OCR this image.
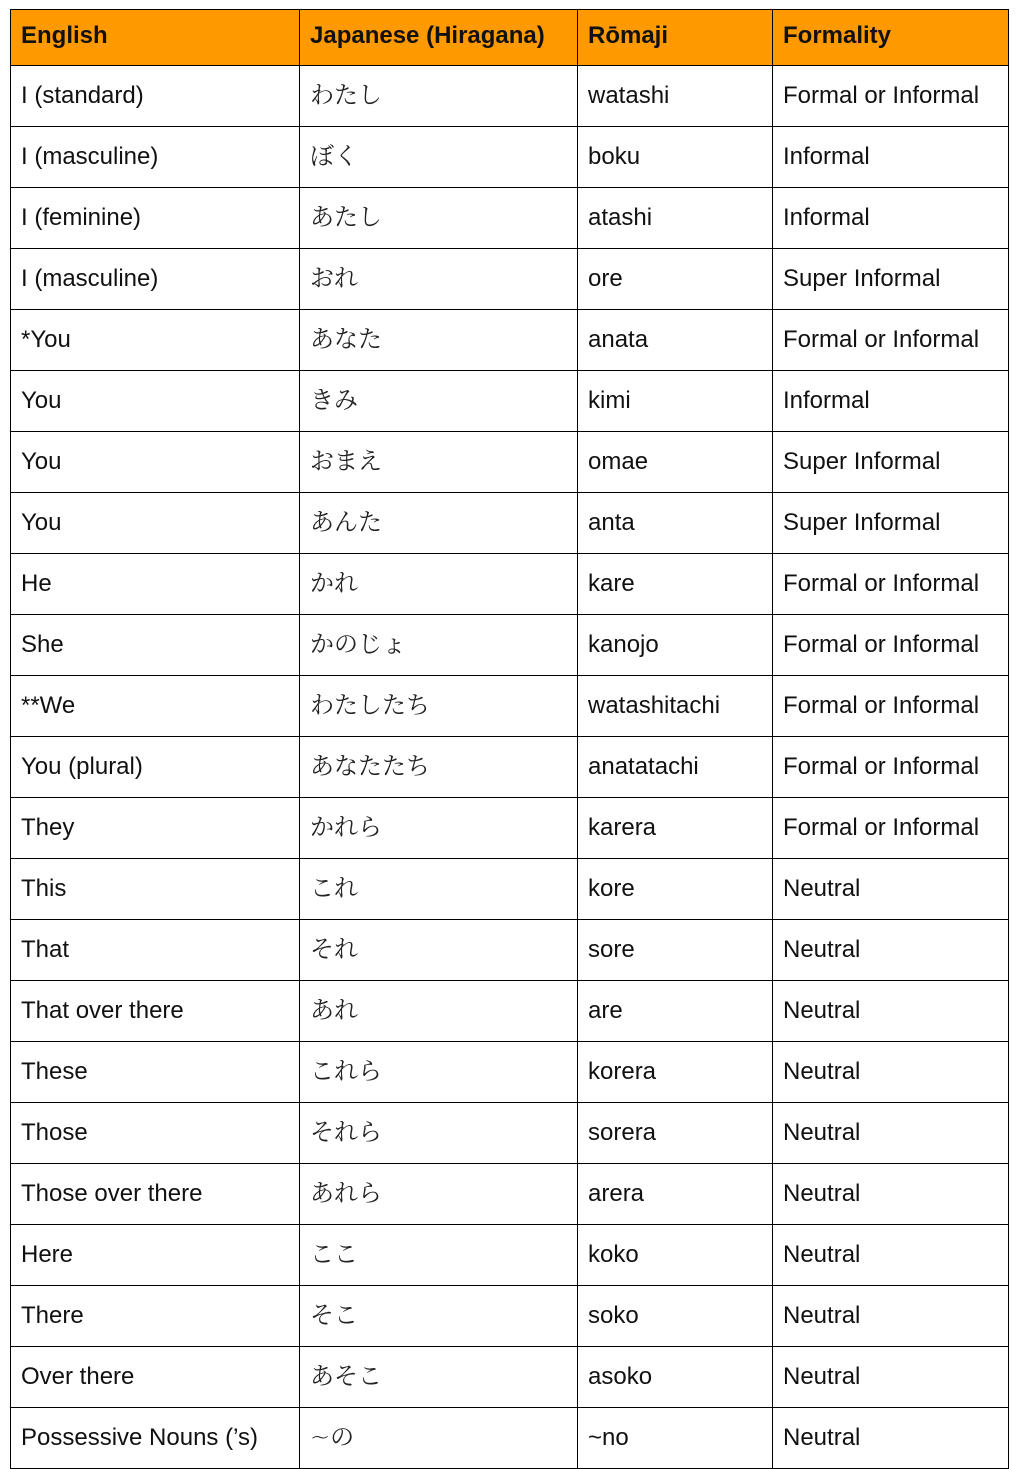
English	Japanese (Hiragana)	Rōmaji	Formality
I (standard)	わたし	watashi	Formal or Informal
I (masculine)	ぼく	boku	Informal
I (feminine)	あたし	atashi	Informal
I (masculine)	おれ	ore	Super Informal
*You	あなた	anata	Formal or Informal
You	きみ	kimi	Informal
You	おまえ	omae	Super Informal
You	あんた	anta	Super Informal
He	かれ	kare	Formal or Informal
She	かのじょ	kanojo	Formal or Informal
**We	わたしたち	watashitachi	Formal or Informal
You (plural)	あなたたち	anatatachi	Formal or Informal
They	かれら	karera	Formal or Informal
This	これ	kore	Neutral
That	それ	sore	Neutral
That over there	あれ	are	Neutral
These	これら	korera	Neutral
Those	それら	sorera	Neutral
Those over there	あれら	arera	Neutral
Here	ここ	koko	Neutral
There	そこ	soko	Neutral
Over there	あそこ	asoko	Neutral
Possessive Nouns (’s)	~の	~no	Neutral
